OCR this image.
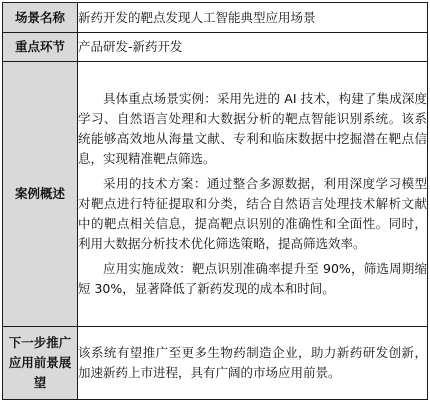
场景名称	新药开发的靶点发现人工智能典型应用场景
重点环节	产品研发-新药开发
案例概述	具体重点场景实例：采用先进的 AI 技术，构建了集成深度学习、自然语言处理和大数据分析的靶点智能识别系统。该系统能够高效地从海量文献、专利和临床数据中挖掘潜在靶点信息，实现精准靶点筛选。

采用的技术方案：通过整合多源数据，利用深度学习模型对靶点进行特征提取和分类，结合自然语言处理技术解析文献中的靶点相关信息，提高靶点识别的准确性和全面性。同时，利用大数据分析技术优化筛选策略，提高筛选效率。

应用实施成效：靶点识别准确率提升至 90%，筛选周期缩短 30%，显著降低了新药发现的成本和时间。

下一步推广应用前景展望	该系统有望推广至更多生物药制造企业，助力新药研发创新，加速新药上市进程，具有广阔的市场应用前景。
